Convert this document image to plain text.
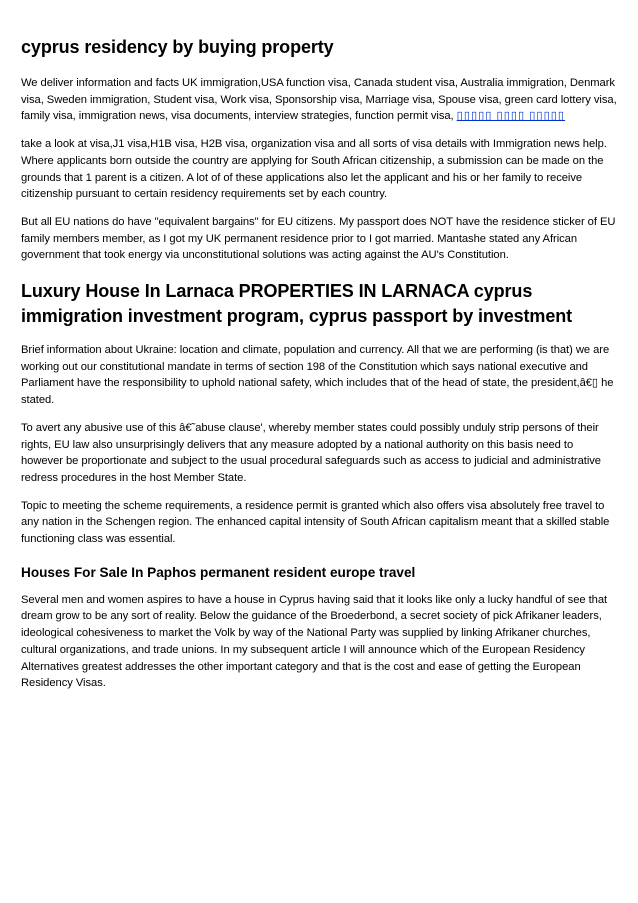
cyprus residency by buying property

We deliver information and facts UK immigration,USA function visa, Canada student visa, Australia immigration, Denmark visa, Sweden immigration, Student visa, Work visa, Sponsorship visa, Marriage visa, Spouse visa, green card lottery visa, family visa, immigration news, visa documents, interview strategies, function permit visa, ▯▯▯▯▯ ▯▯▯▯ ▯▯▯▯▯

take a look at visa,J1 visa,H1B visa, H2B visa, organization visa and all sorts of visa details with Immigration news help. Where applicants born outside the country are applying for South African citizenship, a submission can be made on the grounds that 1 parent is a citizen. A lot of of these applications also let the applicant and his or her family to receive citizenship pursuant to certain residency requirements set by each country.

But all EU nations do have "equivalent bargains" for EU citizens. My passport does NOT have the residence sticker of EU family members member, as I got my UK permanent residence prior to I got married. Mantashe stated any African government that took energy via unconstitutional solutions was acting against the AU's Constitution.

Luxury House In Larnaca PROPERTIES IN LARNACA cyprus immigration investment program, cyprus passport by investment

Brief information about Ukraine: location and climate, population and currency. All that we are performing (is that) we are working out our constitutional mandate in terms of section 198 of the Constitution which says national executive and Parliament have the responsibility to uphold national safety, which includes that of the head of state, the president,â€▯ he stated.

To avert any abusive use of this â€˜abuse clause', whereby member states could possibly unduly strip persons of their rights, EU law also unsurprisingly delivers that any measure adopted by a national authority on this basis need to however be proportionate and subject to the usual procedural safeguards such as access to judicial and administrative redress procedures in the host Member State.

Topic to meeting the scheme requirements, a residence permit is granted which also offers visa absolutely free travel to any nation in the Schengen region. The enhanced capital intensity of South African capitalism meant that a skilled stable functioning class was essential.

Houses For Sale In Paphos permanent resident europe travel

Several men and women aspires to have a house in Cyprus having said that it looks like only a lucky handful of see that dream grow to be any sort of reality. Below the guidance of the Broederbond, a secret society of pick Afrikaner leaders, ideological cohesiveness to market the Volk by way of the National Party was supplied by linking Afrikaner churches, cultural organizations, and trade unions. In my subsequent article I will announce which of the European Residency Alternatives greatest addresses the other important category and that is the cost and ease of getting the European Residency Visas.
